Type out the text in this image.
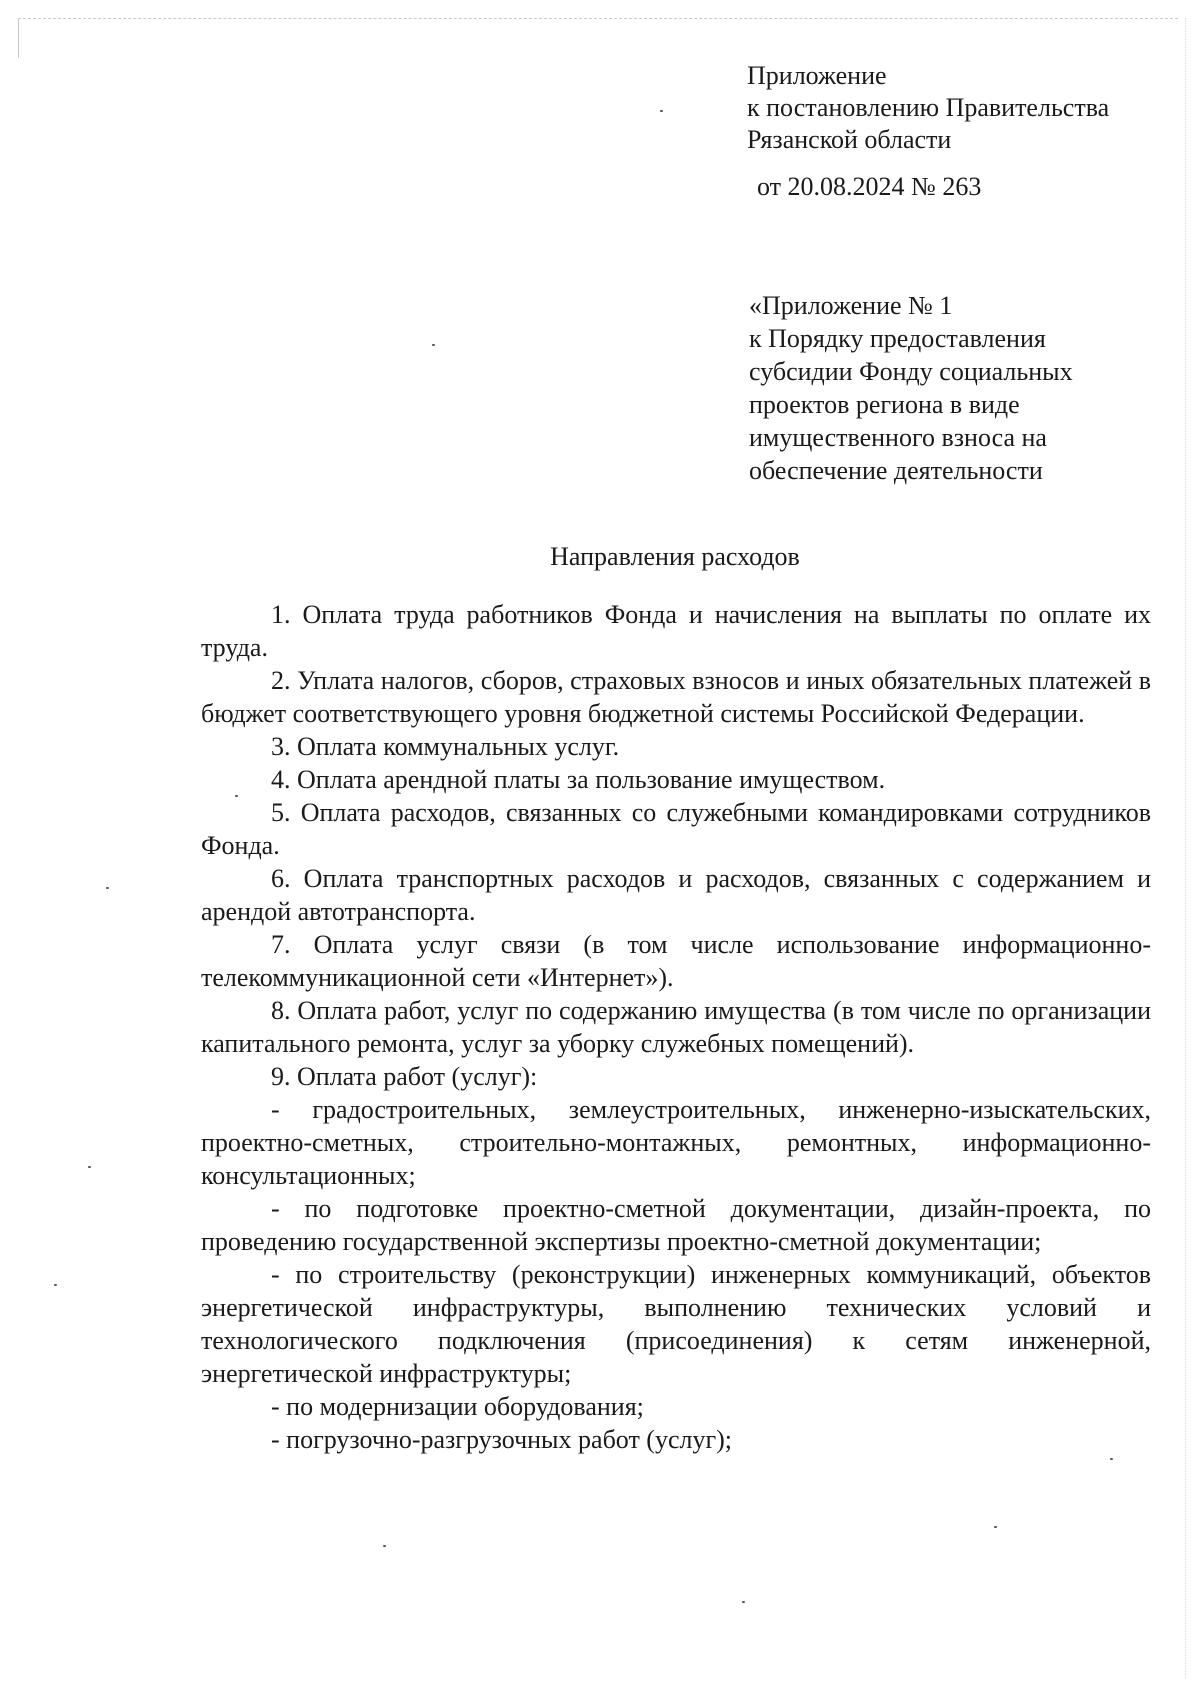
Приложение
к постановлению Правительства
Рязанской области
от 20.08.2024 № 263
«Приложение № 1
к Порядку предоставления
субсидии Фонду социальных
проектов региона в виде
имущественного взноса на
обеспечение деятельности
Направления расходов

1. Оплата труда работников Фонда и начисления на выплаты по оплате их труда.

2. Уплата налогов, сборов, страховых взносов и иных обязательных платежей в бюджет соответствующего уровня бюджетной системы Российской Федерации.

3. Оплата коммунальных услуг.

4. Оплата арендной платы за пользование имуществом.

5. Оплата расходов, связанных со служебными командировками сотрудников Фонда.

6. Оплата транспортных расходов и расходов, связанных с содержанием и арендой автотранспорта.

7. Оплата услуг связи (в том числе использование информационно-телекоммуникационной сети «Интернет»).

8. Оплата работ, услуг по содержанию имущества (в том числе по организации капитального ремонта, услуг за уборку служебных помещений).

9. Оплата работ (услуг):

- градостроительных, землеустроительных, инженерно-изыскательских, проектно-сметных, строительно-монтажных, ремонтных, информационно-консультационных;

- по подготовке проектно-сметной документации, дизайн-проекта, по проведению государственной экспертизы проектно-сметной документации;

- по строительству (реконструкции) инженерных коммуникаций, объектов энергетической инфраструктуры, выполнению технических условий и технологического подключения (присоединения) к сетям инженерной, энергетической инфраструктуры;

- по модернизации оборудования;

- погрузочно-разгрузочных работ (услуг);
